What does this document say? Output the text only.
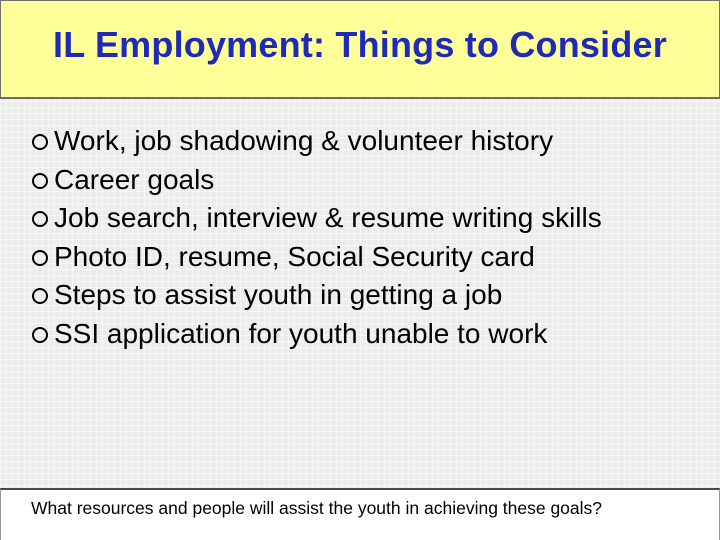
IL Employment: Things to Consider
Work, job shadowing & volunteer history
Career goals
Job search, interview & resume writing skills
Photo ID, resume, Social Security card
Steps to assist youth in getting a job
SSI application for youth unable to work
What resources and people will assist the youth in achieving these goals?
